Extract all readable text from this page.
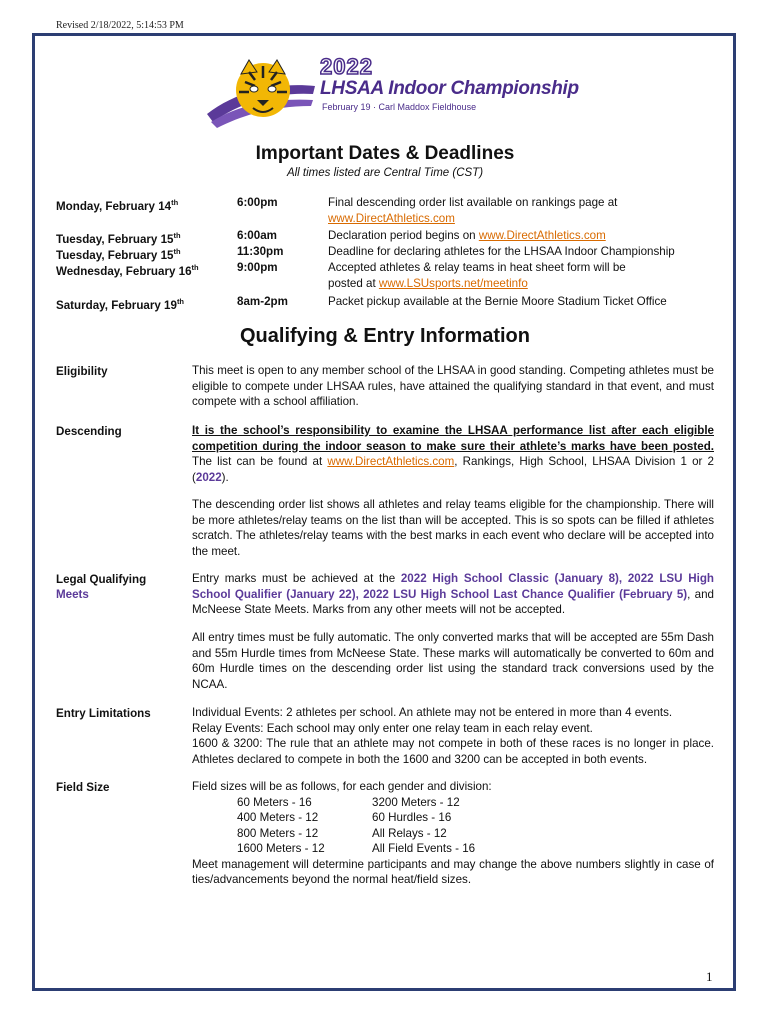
Revised 2/18/2022, 5:14:53 PM
2022
LHSAA Indoor Championship
February 19 · Carl Maddox Fieldhouse
Important Dates & Deadlines
All times listed are Central Time (CST)
Monday, February 14th	6:00pm	Final descending order list available on rankings page at
www.DirectAthletics.com
Tuesday, February 15th	6:00am	Declaration period begins on www.DirectAthletics.com
Tuesday, February 15th	11:30pm	Deadline for declaring athletes for the LHSAA Indoor Championship
Wednesday, February 16th	9:00pm	Accepted athletes & relay teams in heat sheet form will be
posted at www.LSUsports.net/meetinfo
Saturday, February 19th	8am-2pm	Packet pickup available at the Bernie Moore Stadium Ticket Office
Qualifying & Entry Information
Eligibility	This meet is open to any member school of the LHSAA in good standing. Competing athletes must be eligible to compete under LHSAA rules, have attained the qualifying standard in that event, and must compete with a school affiliation.
Descending	It is the school’s responsibility to examine the LHSAA performance list after each eligible competition during the indoor season to make sure their athlete’s marks have been posted. The list can be found at www.DirectAthletics.com, Rankings, High School, LHSAA Division 1 or 2 (2022).
The descending order list shows all athletes and relay teams eligible for the championship. There will be more athletes/relay teams on the list than will be accepted. This is so spots can be filled if athletes scratch. The athletes/relay teams with the best marks in each event who declare will be accepted into the meet.
Legal Qualifying
Meets
Entry marks must be achieved at the 2022 High School Classic (January 8), 2022 LSU High School Qualifier (January 22), 2022 LSU High School Last Chance Qualifier (February 5), and McNeese State Meets. Marks from any other meets will not be accepted.
All entry times must be fully automatic. The only converted marks that will be accepted are 55m Dash and 55m Hurdle times from McNeese State. These marks will automatically be converted to 60m and 60m Hurdle times on the descending order list using the standard track conversions used by the NCAA.
Entry Limitations	Individual Events: 2 athletes per school. An athlete may not be entered in more than 4 events.
Relay Events: Each school may only enter one relay team in each relay event.
1600 & 3200: The rule that an athlete may not compete in both of these races is no longer in place. Athletes declared to compete in both the 1600 and 3200 can be accepted in both events.
Field Size	Field sizes will be as follows, for each gender and division:
60 Meters - 16	3200 Meters - 12
400 Meters - 12	60 Hurdles - 16
800 Meters - 12	All Relays - 12
1600 Meters - 12	All Field Events - 16
Meet management will determine participants and may change the above numbers slightly in case of ties/advancements beyond the normal heat/field sizes.
1
